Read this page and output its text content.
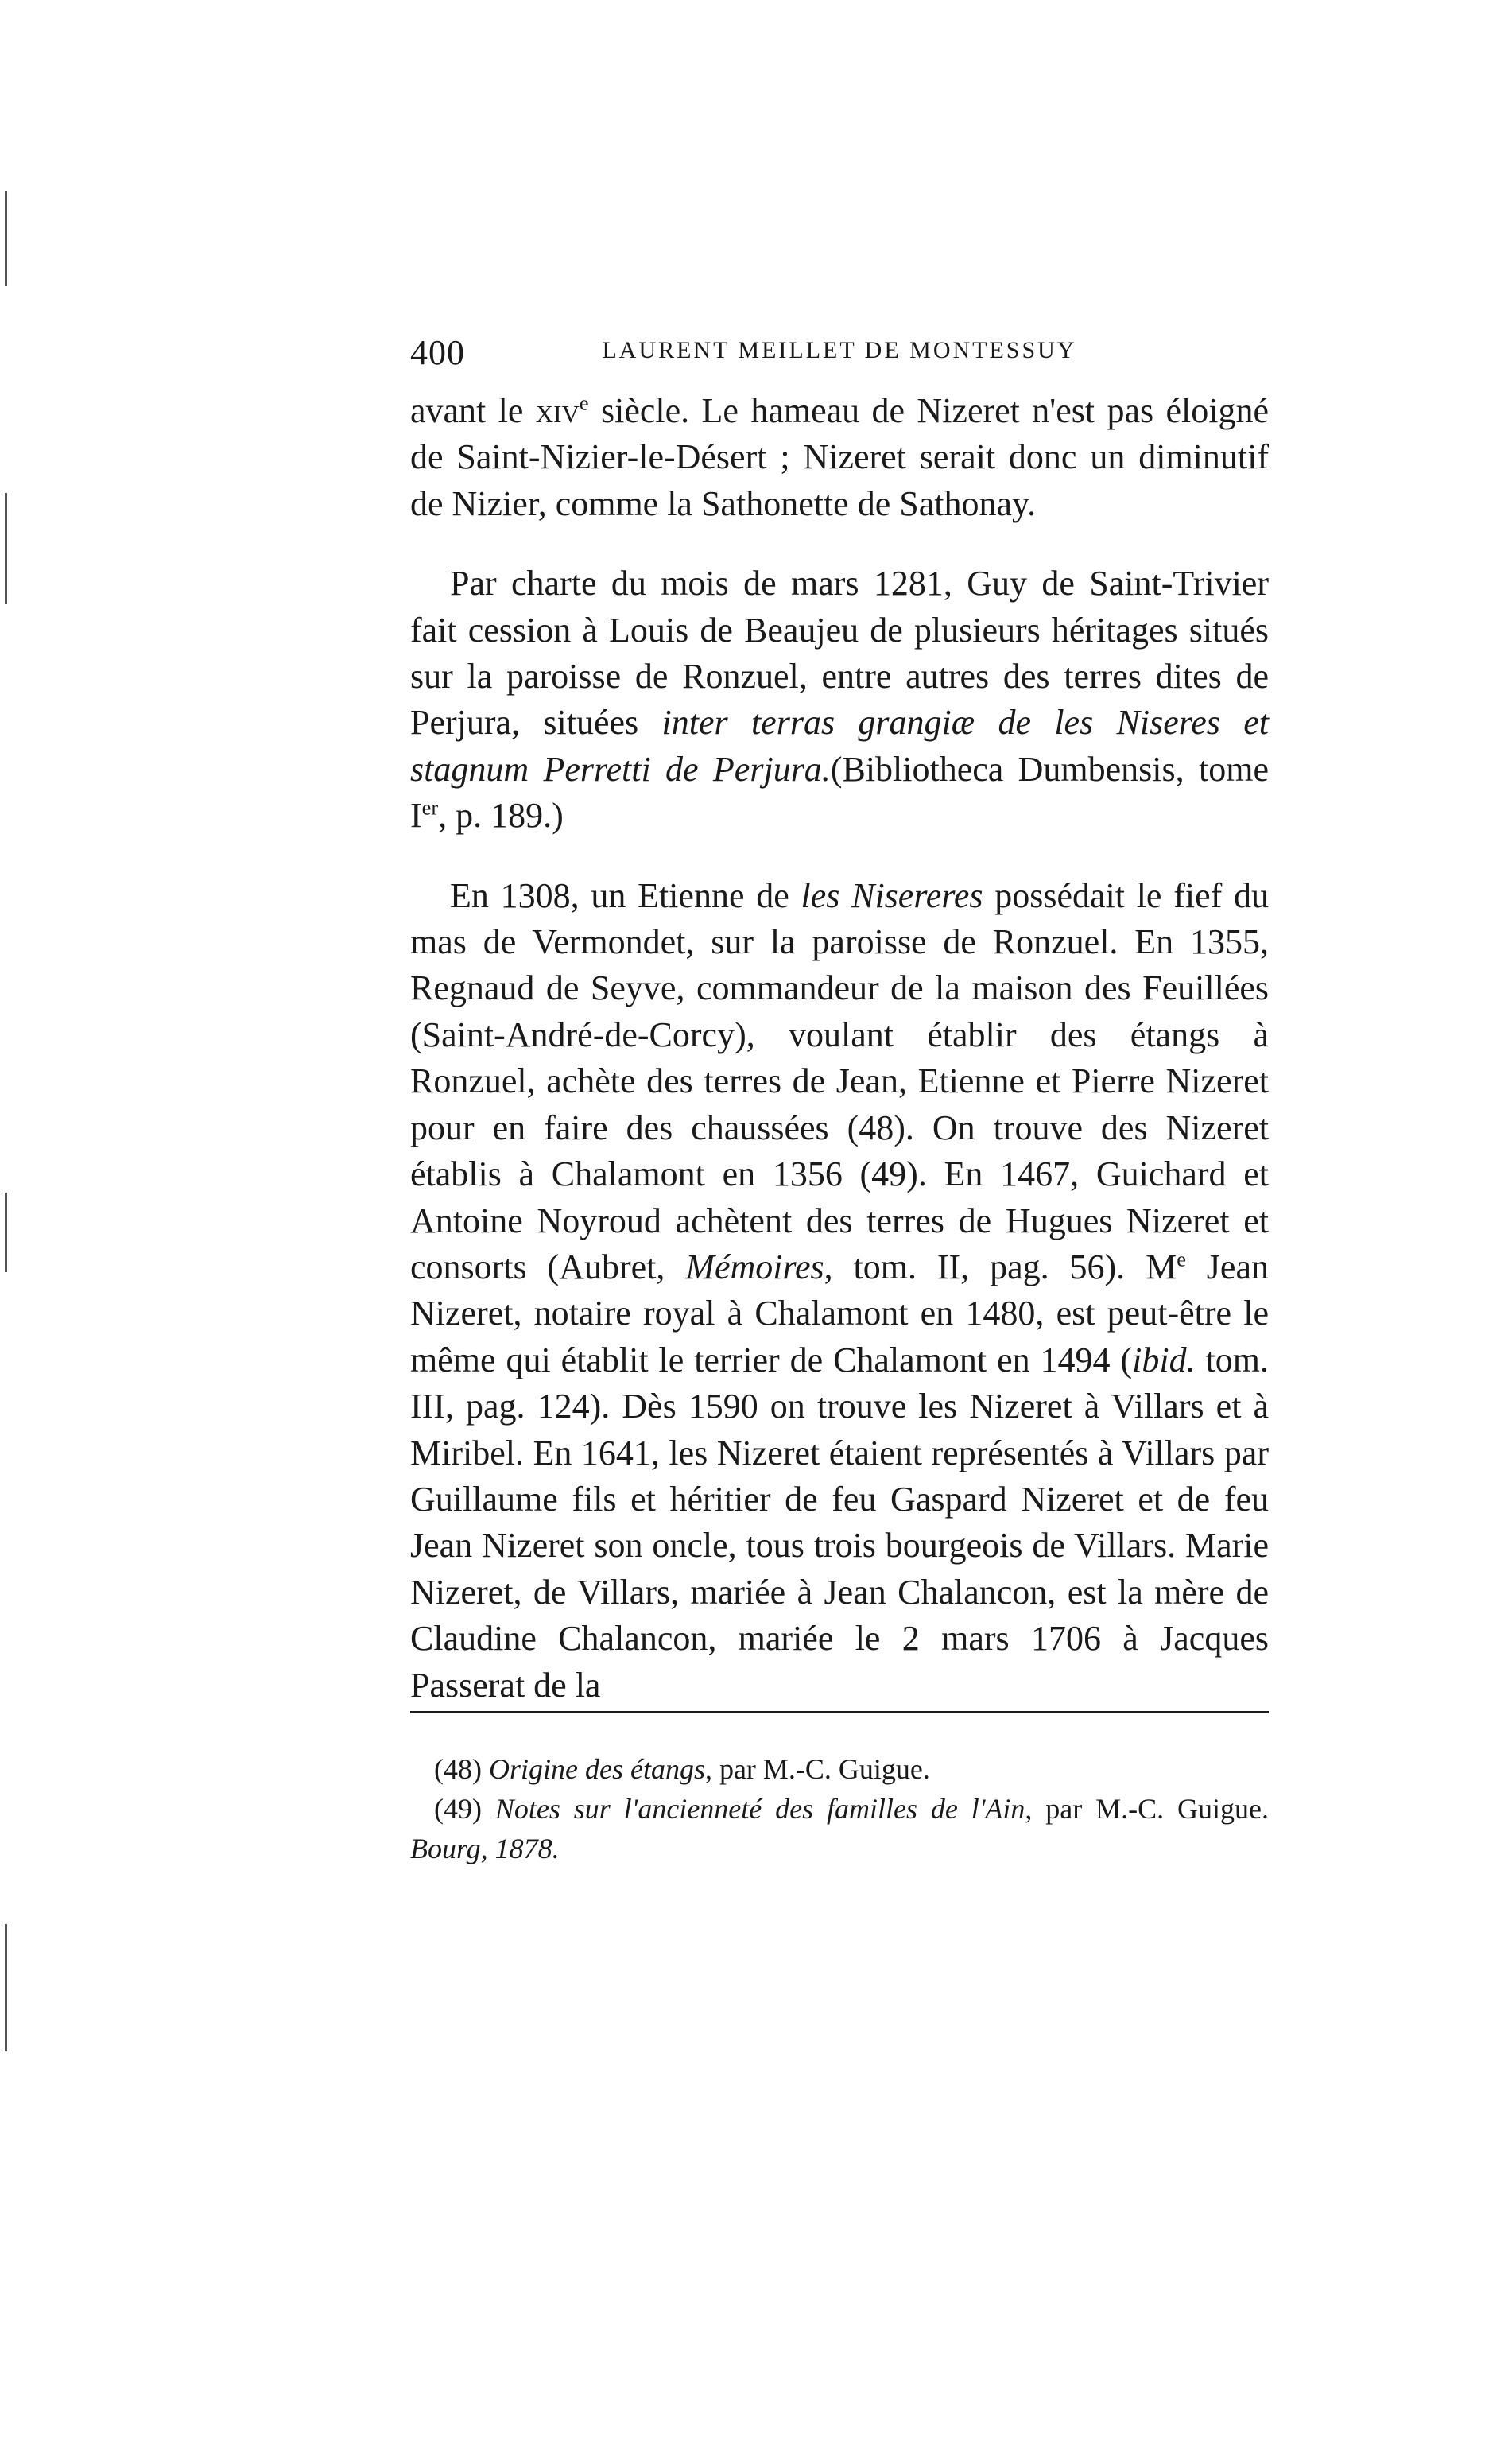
400	LAURENT MEILLET DE MONTESSUY

avant le xiv$^e$ siècle. Le hameau de Nizeret n'est pas éloigné de Saint-Nizier-le-Désert ; Nizeret serait donc un diminutif de Nizier, comme la Sathonette de Sathonay.

Par charte du mois de mars 1281, Guy de Saint-Trivier fait cession à Louis de Beaujeu de plusieurs héritages situés sur la paroisse de Ronzuel, entre autres des terres dites de Perjura, situées inter terras grangiæ de les Niseres et stagnum Perretti de Perjura.(Bibliotheca Dumbensis, tome Ier, p. 189.)

En 1308, un Etienne de les Nisereres possédait le fief du mas de Vermondet, sur la paroisse de Ronzuel. En 1355, Regnaud de Seyve, commandeur de la maison des Feuillées (Saint-André-de-Corcy), voulant établir des étangs à Ronzuel, achète des terres de Jean, Etienne et Pierre Nizeret pour en faire des chaussées (48). On trouve des Nizeret établis à Chalamont en 1356 (49). En 1467, Guichard et Antoine Noyroud achètent des terres de Hugues Nizeret et consorts (Aubret, Mémoires, tom. II, pag. 56). Me Jean Nizeret, notaire royal à Chalamont en 1480, est peut-être le même qui établit le terrier de Chalamont en 1494 (ibid. tom. III, pag. 124). Dès 1590 on trouve les Nizeret à Villars et à Miribel. En 1641, les Nizeret étaient représentés à Villars par Guillaume fils et héritier de feu Gaspard Nizeret et de feu Jean Nizeret son oncle, tous trois bourgeois de Villars. Marie Nizeret, de Villars, mariée à Jean Chalancon, est la mère de Claudine Chalancon, mariée le 2 mars 1706 à Jacques Passerat de la

(48) Origine des étangs, par M.-C. Guigue.

(49) Notes sur l'ancienneté des familles de l'Ain, par M.-C. Guigue. Bourg, 1878.
